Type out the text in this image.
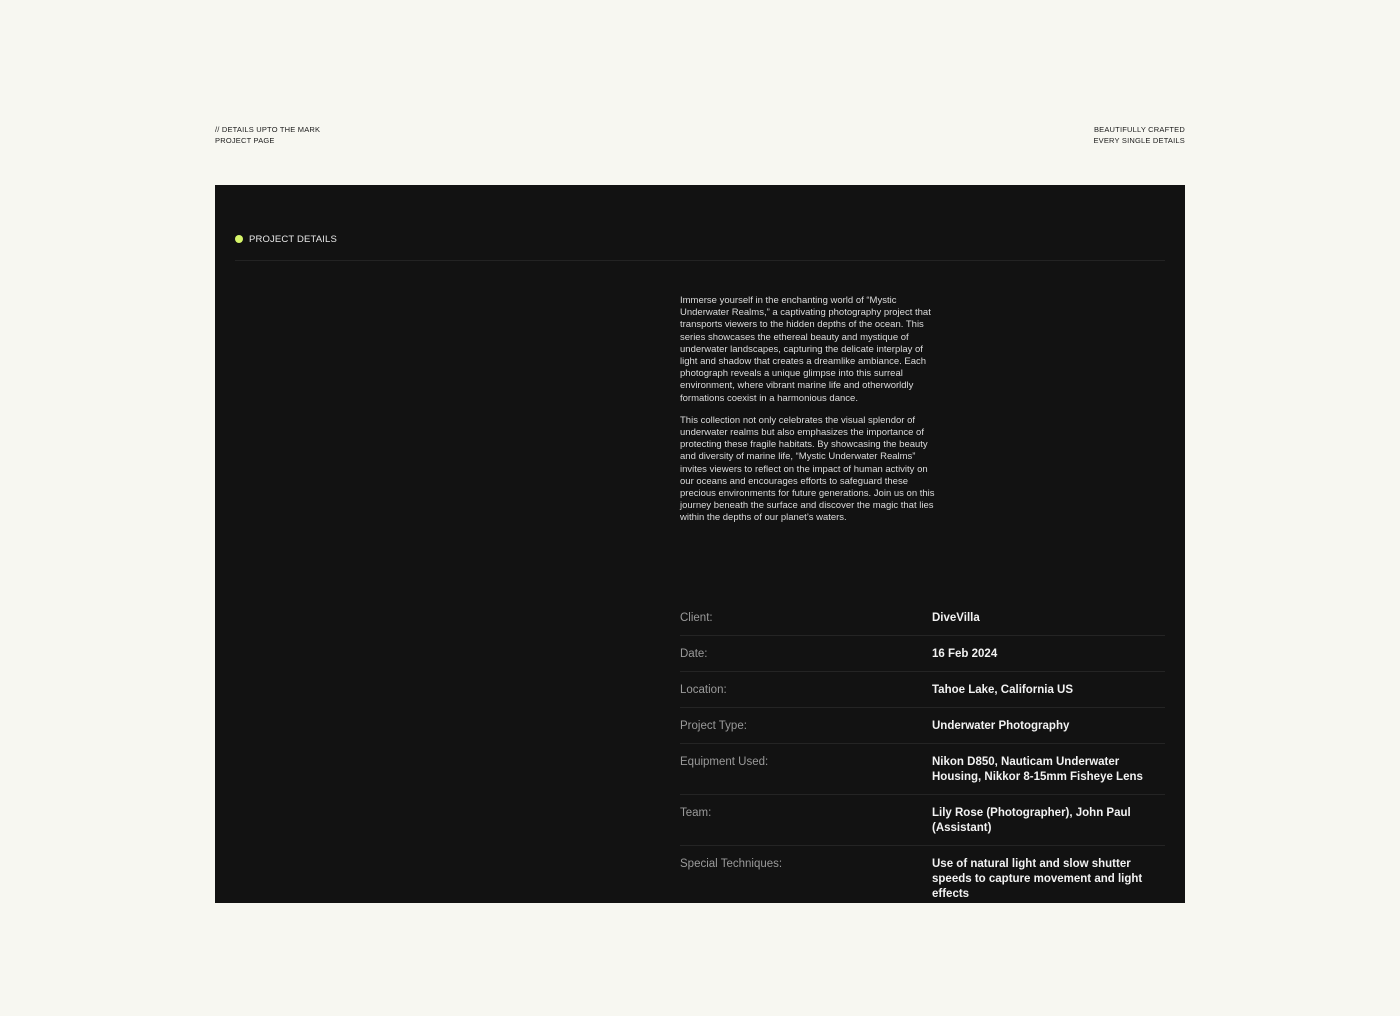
// DETAILS UPTO THE MARK
PROJECT PAGE
BEAUTIFULLY CRAFTED
EVERY SINGLE DETAILS
PROJECT DETAILS

Immerse yourself in the enchanting world of “Mystic Underwater Realms,” a captivating photography project that transports viewers to the hidden depths of the ocean. This series showcases the ethereal beauty and mystique of underwater landscapes, capturing the delicate interplay of light and shadow that creates a dreamlike ambiance. Each photograph reveals a unique glimpse into this surreal environment, where vibrant marine life and otherworldly formations coexist in a harmonious dance.

This collection not only celebrates the visual splendor of underwater realms but also emphasizes the importance of protecting these fragile habitats. By showcasing the beauty and diversity of marine life, “Mystic Underwater Realms” invites viewers to reflect on the impact of human activity on our oceans and encourages efforts to safeguard these precious environments for future generations. Join us on this journey beneath the surface and discover the magic that lies within the depths of our planet’s waters.

Client:	DiveVilla
Date:	16 Feb 2024
Location:	Tahoe Lake, California US
Project Type:	Underwater Photography
Equipment Used:	Nikon D850, Nauticam Underwater Housing, Nikkor 8-15mm Fisheye Lens
Team:	Lily Rose (Photographer), John Paul (Assistant)
Special Techniques:	Use of natural light and slow shutter speeds to capture movement and light effects
